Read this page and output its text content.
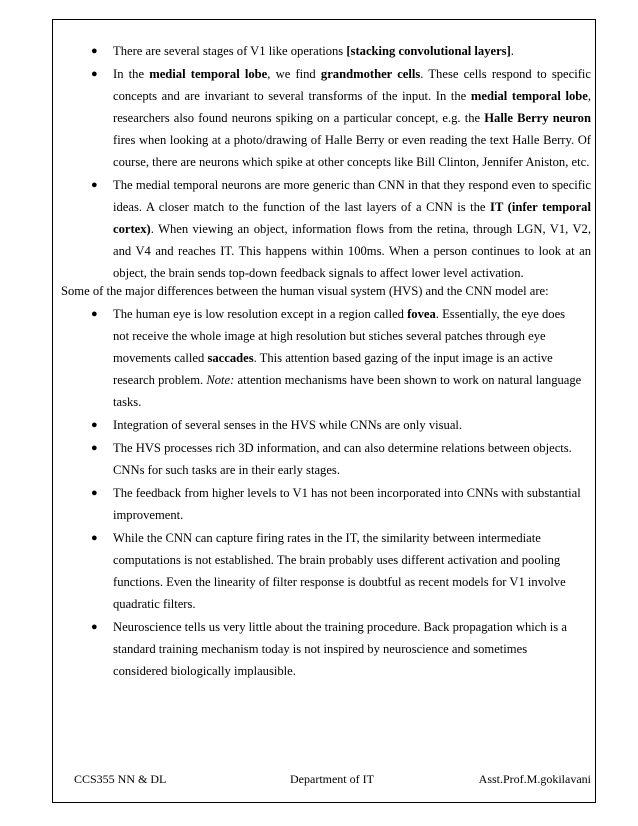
● There are several stages of V1 like operations [stacking convolutional layers].
● In the medial temporal lobe, we find grandmother cells. These cells respond to specific concepts and are invariant to several transforms of the input. In the medial temporal lobe, researchers also found neurons spiking on a particular concept, e.g. the Halle Berry neuron fires when looking at a photo/drawing of Halle Berry or even reading the text Halle Berry. Of course, there are neurons which spike at other concepts like Bill Clinton, Jennifer Aniston, etc.
● The medial temporal neurons are more generic than CNN in that they respond even to specific ideas. A closer match to the function of the last layers of a CNN is the IT (infer temporal cortex). When viewing an object, information flows from the retina, through LGN, V1, V2, and V4 and reaches IT. This happens within 100ms. When a person continues to look at an object, the brain sends top-down feedback signals to affect lower level activation.

Some of the major differences between the human visual system (HVS) and the CNN model are:

● The human eye is low resolution except in a region called fovea. Essentially, the eye does not receive the whole image at high resolution but stiches several patches through eye movements called saccades. This attention based gazing of the input image is an active research problem. Note: attention mechanisms have been shown to work on natural language tasks.
● Integration of several senses in the HVS while CNNs are only visual.
● The HVS processes rich 3D information, and can also determine relations between objects. CNNs for such tasks are in their early stages.
● The feedback from higher levels to V1 has not been incorporated into CNNs with substantial improvement.
● While the CNN can capture firing rates in the IT, the similarity between intermediate computations is not established. The brain probably uses different activation and pooling functions. Even the linearity of filter response is doubtful as recent models for V1 involve quadratic filters.
● Neuroscience tells us very little about the training procedure. Back propagation which is a standard training mechanism today is not inspired by neuroscience and sometimes considered biologically implausible.
CCS355 NN & DL	Department of IT	Asst.Prof.M.gokilavani
